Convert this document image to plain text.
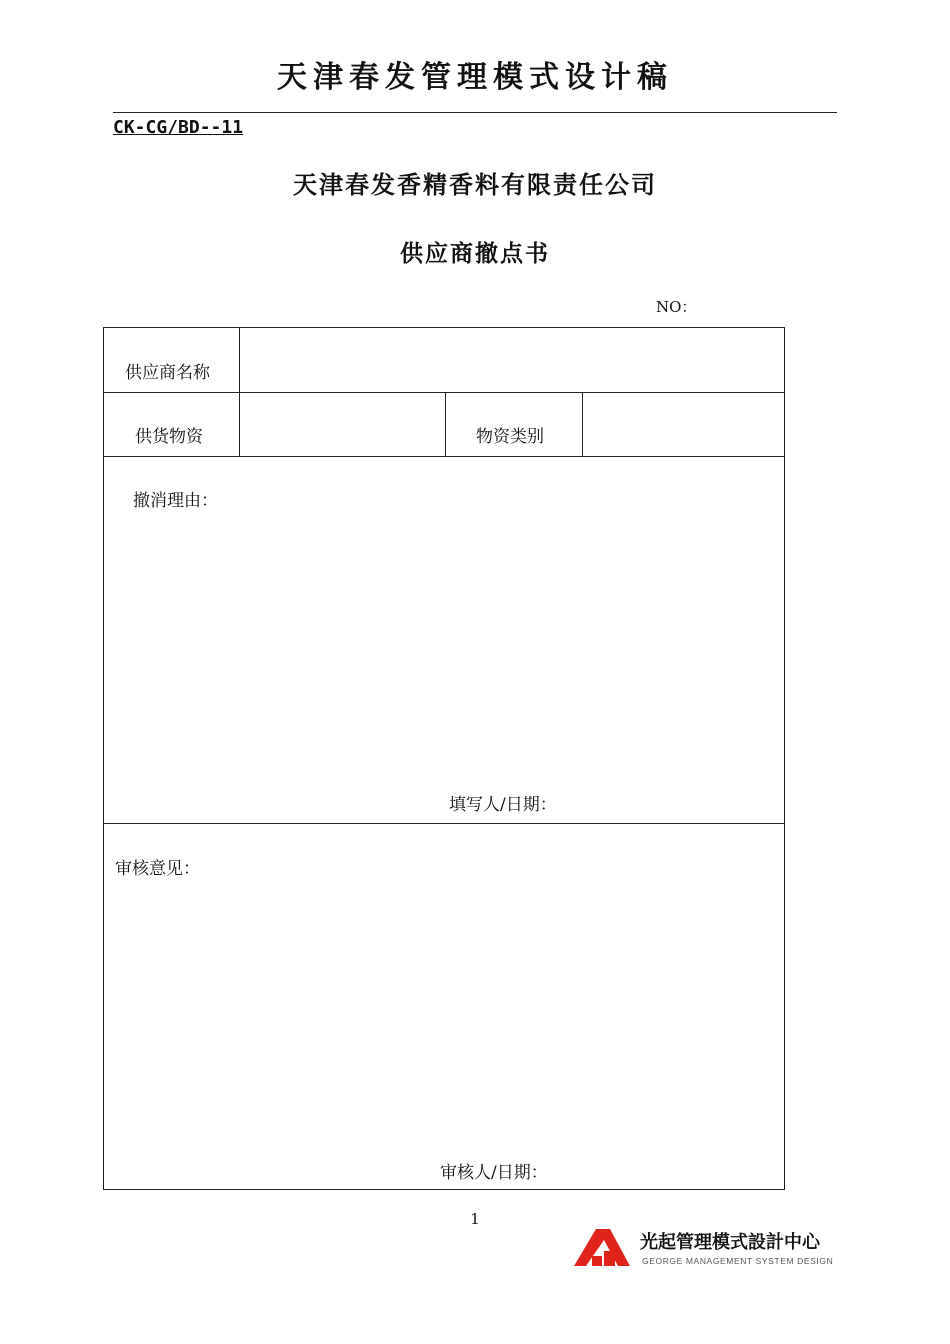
天津春发管理模式设计稿
CK-CG/BD--11
天津春发香精香料有限责任公司
供应商撤点书
NO：
供应商名称
供货物资	物资类别
撤消理由：
填写人/日期：
审核意见：
审核人/日期：
1
光起管理模式設計中心
GEORGE MANAGEMENT SYSTEM DESIGN
